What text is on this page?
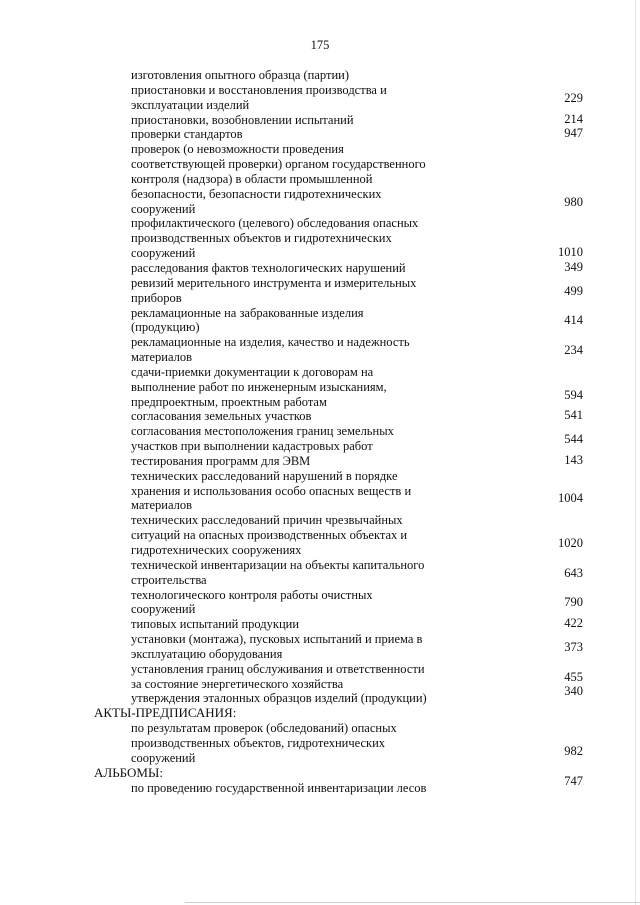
175
изготовления опытного образца (партии)
приостановки и восстановления производства и эксплуатации изделий	229
приостановки, возобновлении испытаний	214
проверки стандартов	947
проверок (о невозможности проведения соответствующей проверки) органом государственного контроля (надзора) в области промышленной безопасности, безопасности гидротехнических сооружений	980
профилактического (целевого) обследования опасных производственных объектов и гидротехнических сооружений	1010
расследования фактов технологических нарушений	349
ревизий мерительного инструмента и измерительных приборов	499
рекламационные на забракованные изделия (продукцию)	414
рекламационные на изделия, качество и надежность материалов	234
сдачи-приемки документации к договорам на выполнение работ по инженерным изысканиям, предпроектным, проектным работам	594
согласования земельных участков	541
согласования местоположения границ земельных участков при выполнении кадастровых работ	544
тестирования программ для ЭВМ	143
технических расследований нарушений в порядке хранения и использования особо опасных веществ и материалов	1004
технических расследований причин чрезвычайных ситуаций на опасных производственных объектах и гидротехнических сооружениях	1020
технической инвентаризации на объекты капитального строительства	643
технологического контроля работы очистных сооружений	790
типовых испытаний продукции	422
установки (монтажа), пусковых испытаний и приема в эксплуатацию оборудования	373
установления границ обслуживания и ответственности за состояние энергетического хозяйства	455
утверждения эталонных образцов изделий (продукции)	340
АКТЫ-ПРЕДПИСАНИЯ:
по результатам проверок (обследований) опасных производственных объектов, гидротехнических сооружений	982
АЛЬБОМЫ:
по проведению государственной инвентаризации лесов	747
